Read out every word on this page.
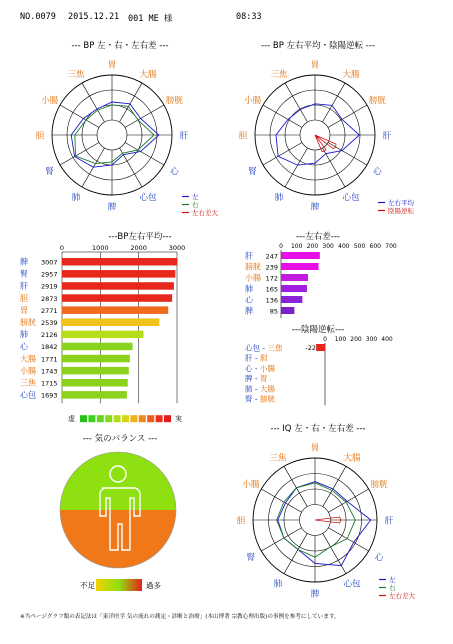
NO.0079 2015.12.21 001 ME 様	08:33
--- BP 左・右・左右差 ---	--- BP 左右平均・陰陽逆転 ---
---BP左右平均---	---左右差---
---陰陽逆転---
--- 気のバランス ---
--- IQ 左・右・左右差 ---
胃
大腸
膀胱
肝
心
心包
脾
肺
腎
胆
小腸
三焦
左
右
左右差大
胃
大腸
膀胱
肝
心
心包
脾
肺
腎
胆
小腸
三焦
左右平均
陰陽逆転
0	1000	2000	3000
脾 3007
腎 2957
肝 2919
胆 2873
胃 2771
膀胱 2539
肺 2126
心 1842
大腸 1771
小腸 1743
三焦 1715
心包 1693
虚	実
0 100 200 300 400 500 600 700
肝 247
膀胱 239
小腸 172
肺 165
心 136
脾	85
0 100 200 300 400
心包 - 三焦	-22
肝 - 胆
心 - 小腸
脾 - 胃
肺 - 大腸
腎 - 膀胱
不足	過多
胃
大腸
膀胱
肝
心
心包
脾
肺
腎
胆
小腸
三焦
左
右
左右差大
※当ページグラフ類の表記法は「東洋医学 気の流れの測定・診断と治療」(本山博著 宗教心理出版)の事例を参考にしています。
